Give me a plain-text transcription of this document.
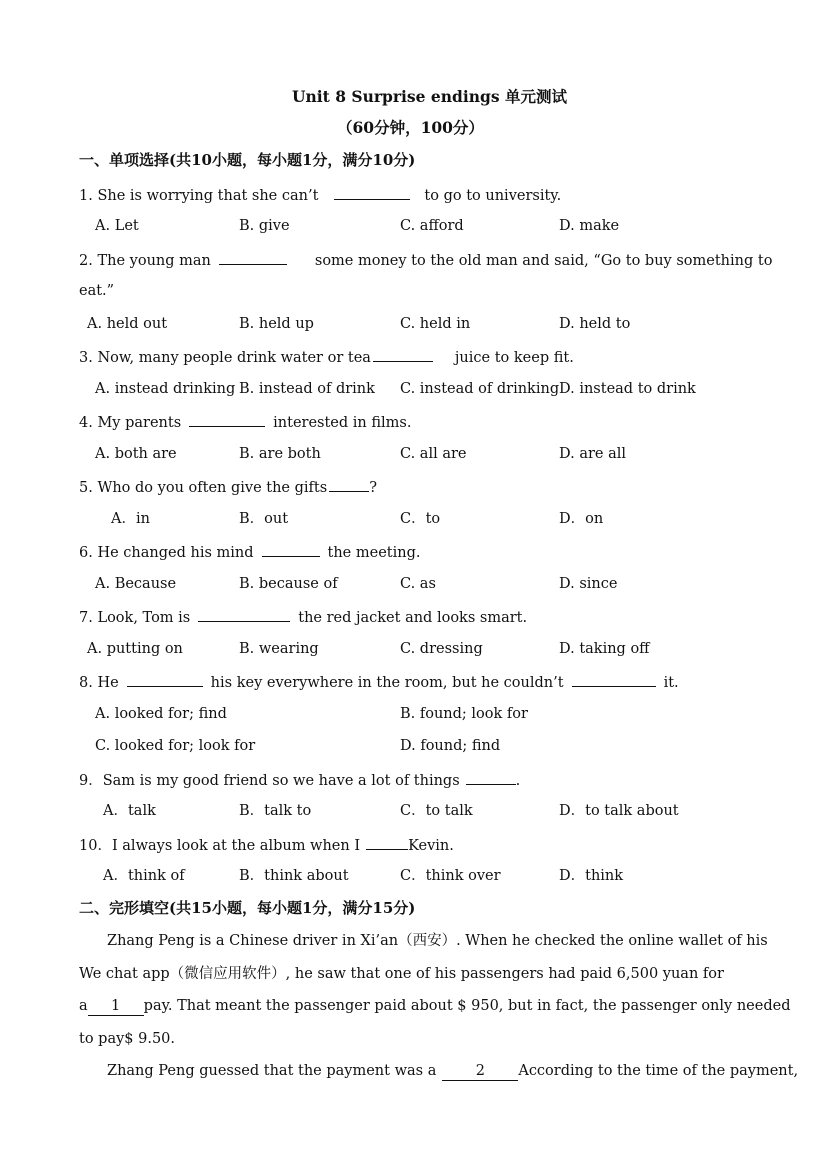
Unit 8 Surprise endings 单元测试
（60分钟，100分）
一、单项选择(共10小题，每小题1分，满分10分)
1. She is worrying that she can’t	to go to university.
A. Let	B. give	C. afford	D. make
2. The young man	some money to the old man and said, “Go to buy something to
eat.”
A. held out	B. held up	C. held in	D. held to
3. Now, many people drink water or tea	juice to keep fit.
A. instead drinking B. instead of drink C. instead of drinking D. instead to drink
4. My parents	interested in films.
A. both are	B. are both	C. all are	D. are all
5. Who do you often give the gifts	?
A．in	B．out	C．to	D．on
6. He changed his mind	the meeting.
A. Because	B. because of	C. as	D. since
7. Look, Tom is	the red jacket and looks smart.
A. putting on	B. wearing	C. dressing	D. taking off
8. He	his key everywhere in the room, but he couldn’t	it.
A. looked for; find	B. found; look for
C. looked for; look for	D. found; find
9．Sam is my good friend so we have a lot of things	.
A．talk	B．talk to	C．to talk	D．to talk about
10．I always look at the album when I	Kevin.
A．think of	B．think about	C．think over	D．think
二、完形填空(共15小题，每小题1分，满分15分)
Zhang Peng is a Chinese driver in Xi’an（西安）. When he checked the online wallet of his
We chat app（微信应用软件）, he saw that one of his passengers had paid 6,500 yuan for
a 1 pay. That meant the passenger paid about $ 950, but in fact, the passenger only needed
to pay$ 9.50.
Zhang Peng guessed that the payment was a	2 According to the time of the payment,
